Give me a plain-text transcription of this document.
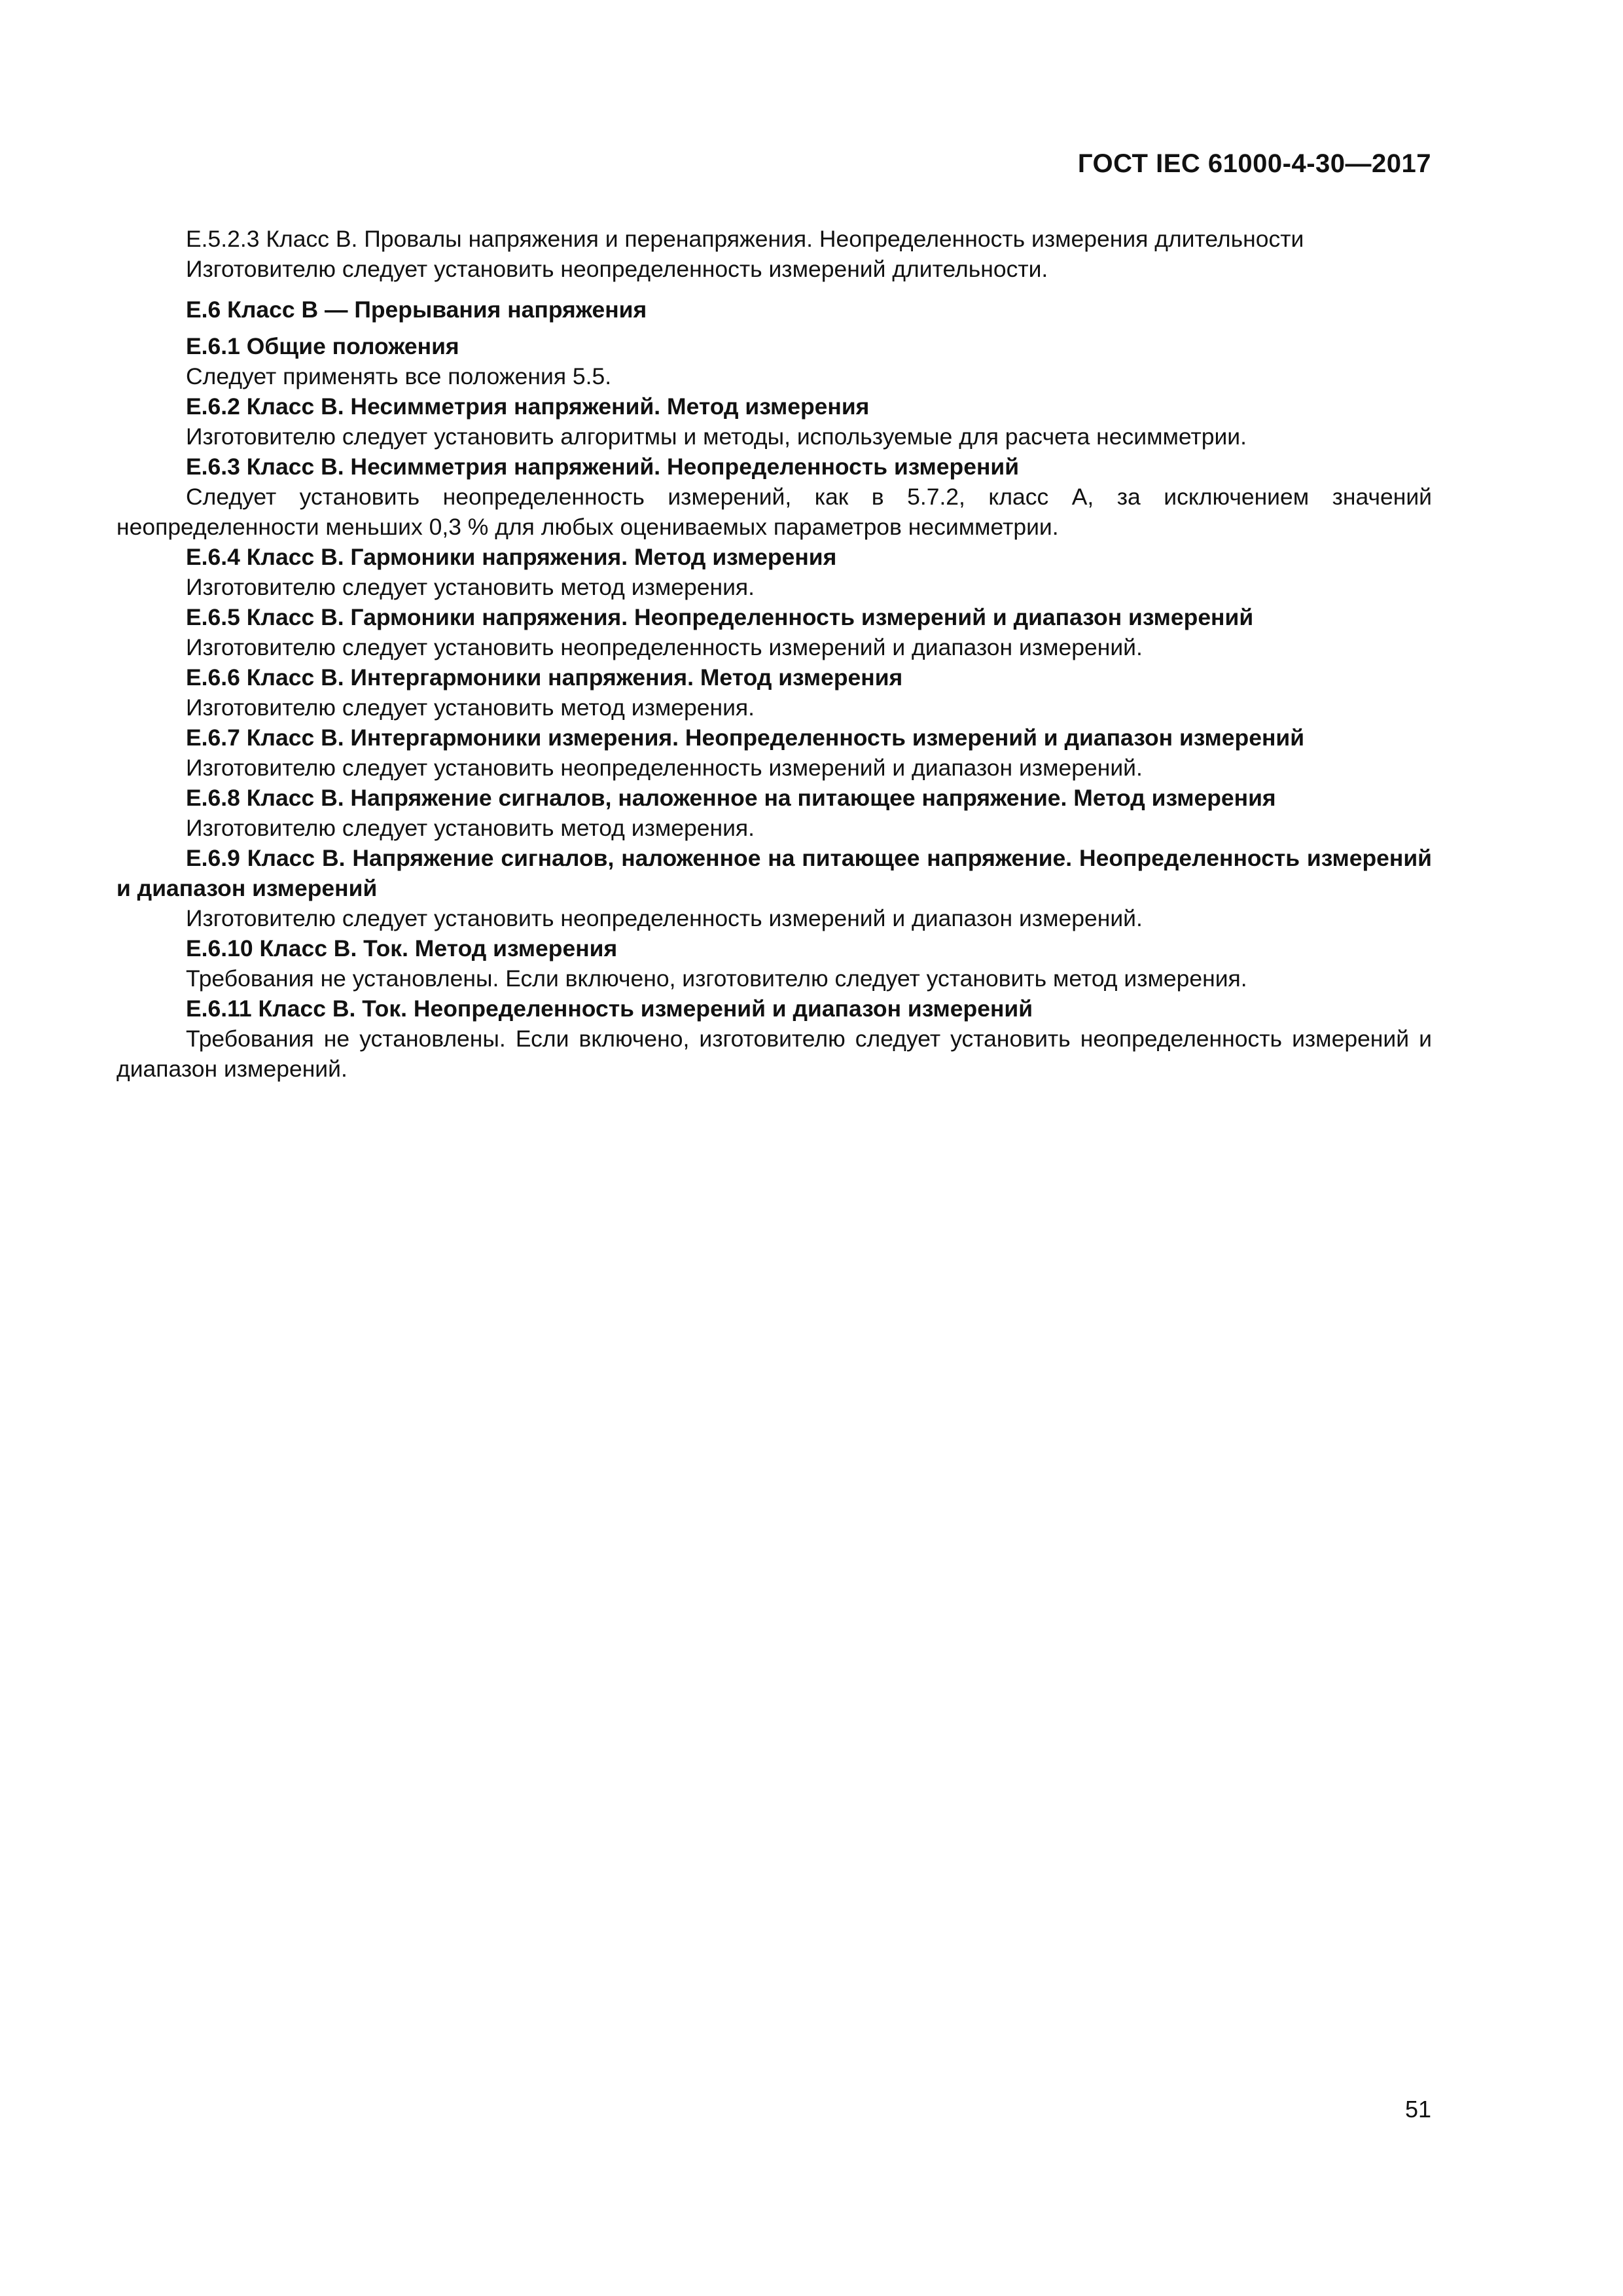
ГОСТ IEC 61000-4-30—2017

E.5.2.3 Класс В. Провалы напряжения и перенапряжения. Неопределенность измерения длительности

Изготовителю следует установить неопределенность измерений длительности.

E.6 Класс В — Прерывания напряжения

E.6.1 Общие положения

Следует применять все положения 5.5.

E.6.2 Класс В. Несимметрия напряжений. Метод измерения

Изготовителю следует установить алгоритмы и методы, используемые для расчета несимметрии.

E.6.3 Класс В. Несимметрия напряжений. Неопределенность измерений

Следует установить неопределенность измерений, как в 5.7.2, класс A, за исключением значений неопределенности меньших 0,3 % для любых оцениваемых параметров несимметрии.

E.6.4 Класс В. Гармоники напряжения. Метод измерения

Изготовителю следует установить метод измерения.

E.6.5 Класс В. Гармоники напряжения. Неопределенность измерений и диапазон измерений

Изготовителю следует установить неопределенность измерений и диапазон измерений.

E.6.6 Класс В. Интергармоники напряжения. Метод измерения

Изготовителю следует установить метод измерения.

E.6.7 Класс В. Интергармоники измерения. Неопределенность измерений и диапазон измерений

Изготовителю следует установить неопределенность измерений и диапазон измерений.

E.6.8 Класс В. Напряжение сигналов, наложенное на питающее напряжение. Метод измерения

Изготовителю следует установить метод измерения.

E.6.9 Класс В. Напряжение сигналов, наложенное на питающее напряжение. Неопределенность измерений и диапазон измерений

Изготовителю следует установить неопределенность измерений и диапазон измерений.

E.6.10 Класс В. Ток. Метод измерения

Требования не установлены. Если включено, изготовителю следует установить метод измерения.

E.6.11 Класс В. Ток. Неопределенность измерений и диапазон измерений

Требования не установлены. Если включено, изготовителю следует установить неопределенность измерений и диапазон измерений.

51
